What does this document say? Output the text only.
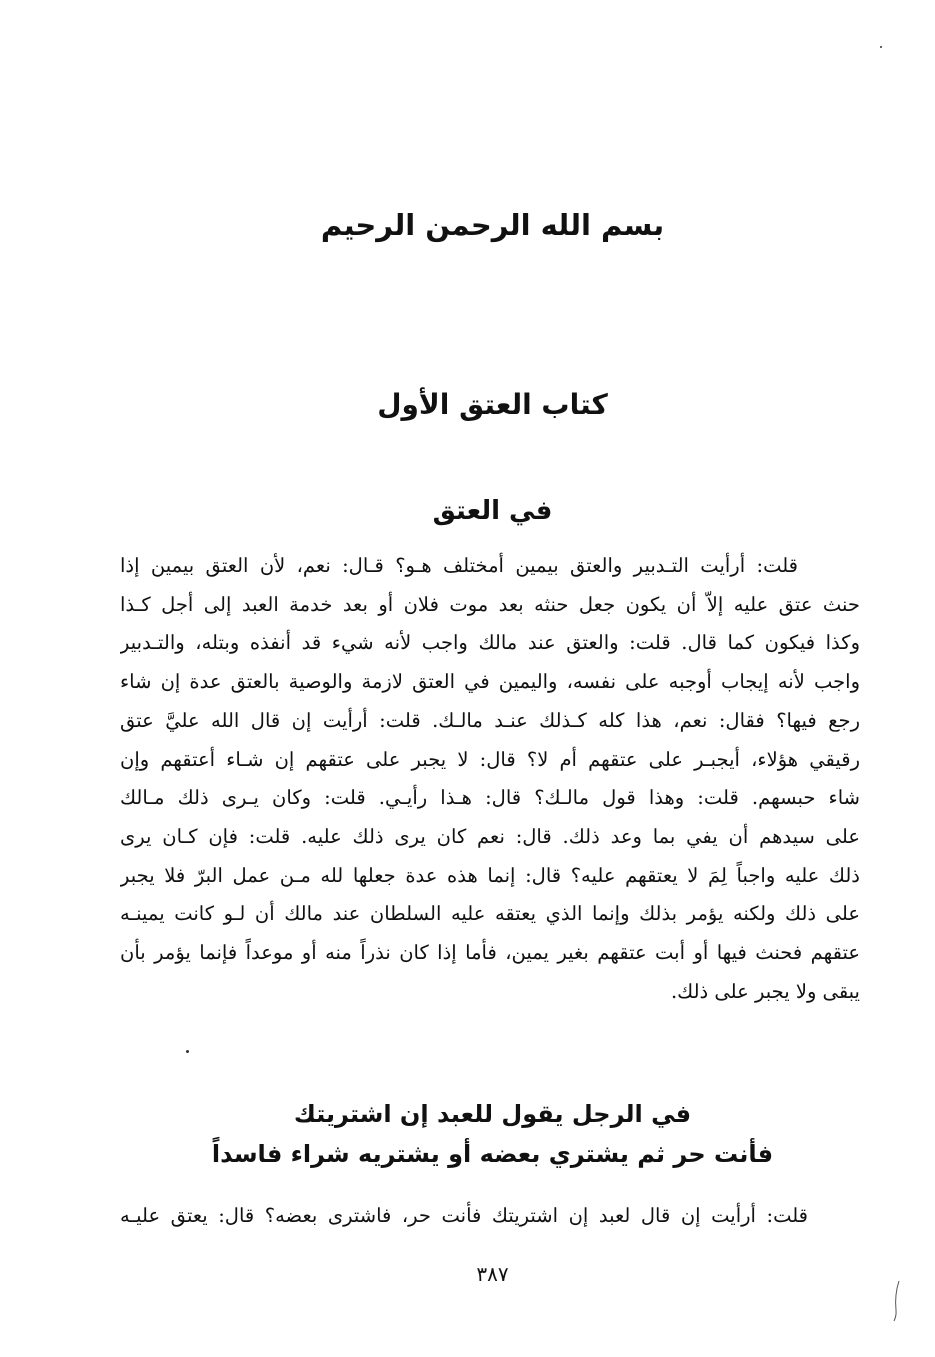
بسم الله الرحمن الرحيم
كتاب العتق الأول
في العتق
قلت: أرأيت التـدبير والعتق بيمين أمختلف هـو؟ قـال: نعم، لأن العتق بيمين إذا
حنث عتق عليه إلاّ أن يكون جعل حنثه بعد موت فلان أو بعد خدمة العبد إلى أجل كـذا
وكذا فيكون كما قال. قلت: والعتق عند مالك واجب لأنه شيء قد أنفذه وبتله، والتـدبير
واجب لأنه إيجاب أوجبه على نفسه، واليمين في العتق لازمة والوصية بالعتق عدة إن شاء
رجع فيها؟ فقال: نعم، هذا كله كـذلك عنـد مالـك. قلت: أرأيت إن قال الله عليَّ عتق
رقيقي هؤلاء، أيجبـر على عتقهم أم لا؟ قال: لا يجبر على عتقهم إن شـاء أعتقهم وإن
شاء حبسهم. قلت: وهذا قول مالـك؟ قال: هـذا رأيـي. قلت: وكان يـرى ذلك مـالك
على سيدهم أن يفي بما وعد ذلك. قال: نعم كان يرى ذلك عليه. قلت: فإن كـان يرى
ذلك عليه واجباً لِمَ لا يعتقهم عليه؟ قال: إنما هذه عدة جعلها لله مـن عمل البرّ فلا يجبر
على ذلك ولكنه يؤمر بذلك وإنما الذي يعتقه عليه السلطان عند مالك أن لـو كانت يمينـه
عتقهم فحنث فيها أو أبت عتقهم بغير يمين، فأما إذا كان نذراً منه أو موعداً فإنما يؤمر بأن
يبقى ولا يجبر على ذلك.
في الرجل يقول للعبد إن اشتريتك
فأنت حر ثم يشتري بعضه أو يشتريه شراء فاسداً
قلت: أرأيت إن قال لعبد إن اشتريتك فأنت حر، فاشترى بعضه؟ قال: يعتق عليـه
٣٨٧
